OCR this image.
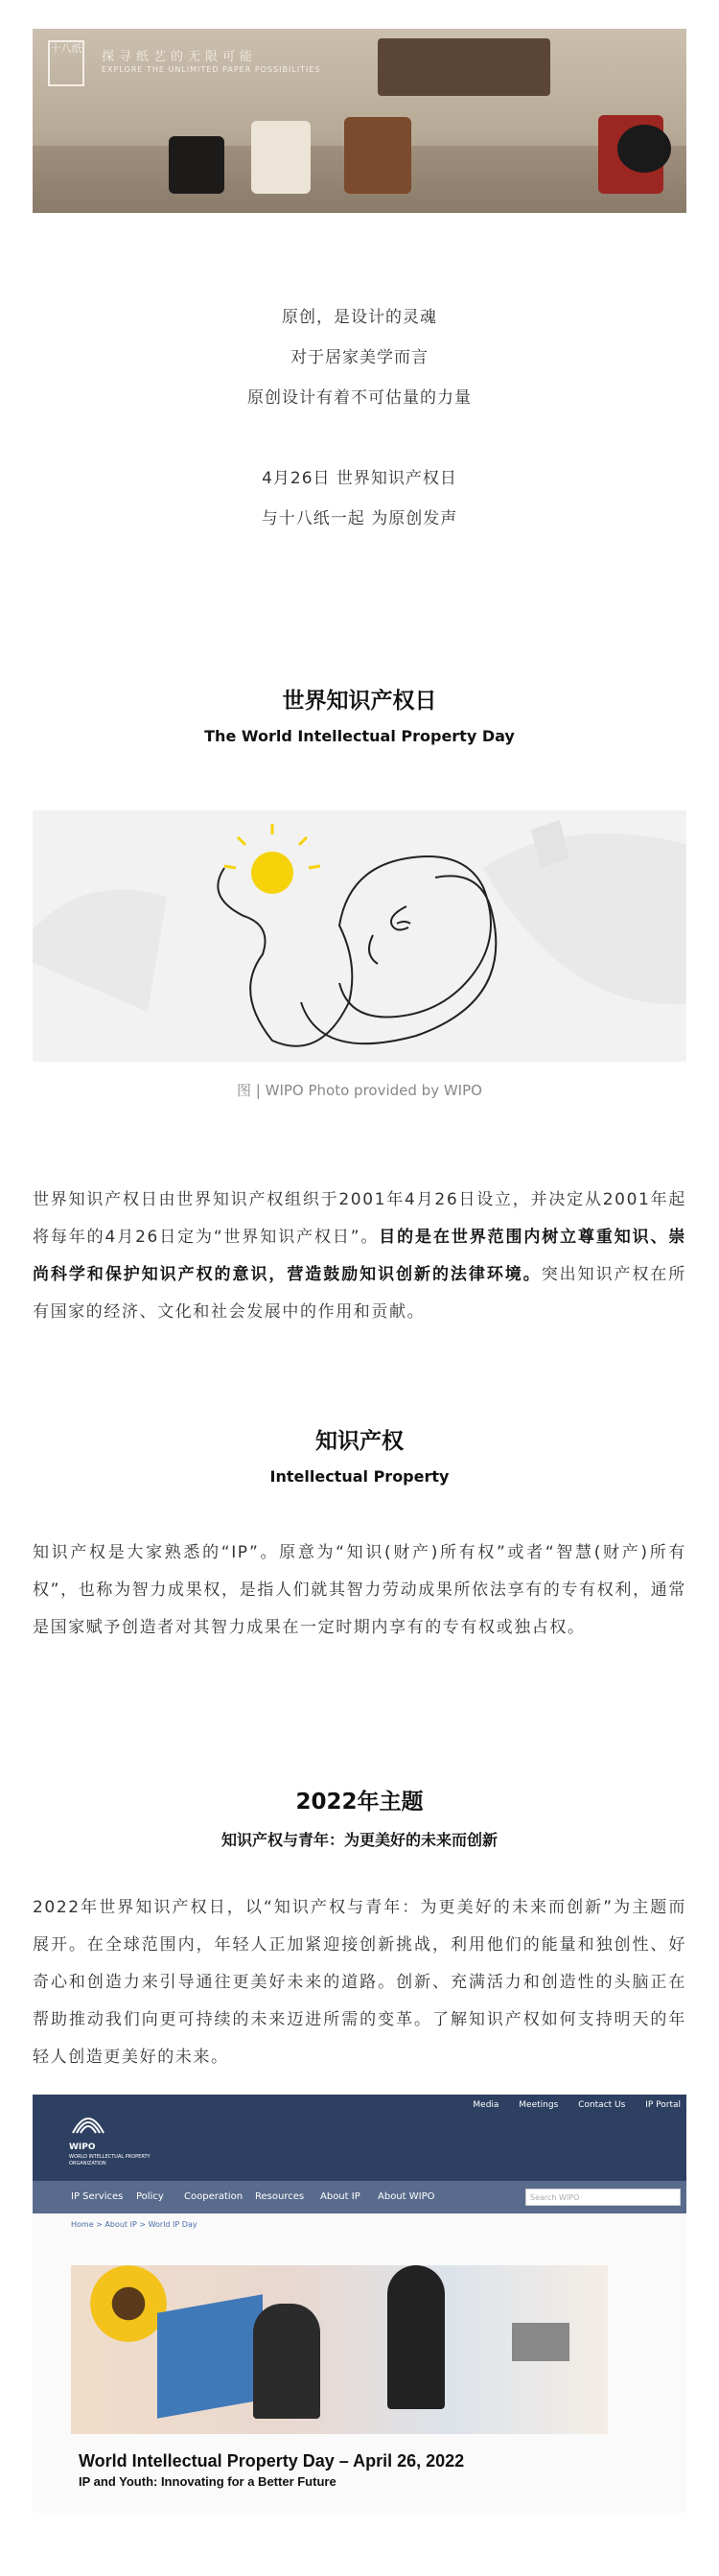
十八纸
探寻纸艺的无限可能
EXPLORE THE UNLIMITED PAPER POSSIBILITIES
原创，是设计的灵魂
对于居家美学而言
原创设计有着不可估量的力量
4月26日 世界知识产权日
与十八纸一起 为原创发声
世界知识产权日
The World Intellectual Property Day
图 | WIPO Photo provided by WIPO
世界知识产权日由世界知识产权组织于2001年4月26日设立，并决定从2001年起将每年的4月26日定为“世界知识产权日”。目的是在世界范围内树立尊重知识、崇尚科学和保护知识产权的意识，营造鼓励知识创新的法律环境。突出知识产权在所有国家的经济、文化和社会发展中的作用和贡献。
知识产权
Intellectual Property
知识产权是大家熟悉的“IP”。原意为“知识(财产)所有权”或者“智慧(财产)所有权”，也称为智力成果权，是指人们就其智力劳动成果所依法享有的专有权利，通常是国家赋予创造者对其智力成果在一定时期内享有的专有权或独占权。
2022年主题
知识产权与青年：为更美好的未来而创新
2022年世界知识产权日，以“知识产权与青年：为更美好的未来而创新”为主题而展开。在全球范围内，年轻人正加紧迎接创新挑战，利用他们的能量和独创性、好奇心和创造力来引导通往更美好未来的道路。创新、充满活力和创造性的头脑正在帮助推动我们向更可持续的未来迈进所需的变革。了解知识产权如何支持明天的年轻人创造更美好的未来。
WIPO
WORLD INTELLECTUAL PROPERTY ORGANIZATION
Media Meetings Contact Us IP Portal
IP Services Policy Cooperation Resources About IP About WIPO	Search WIPO
Home > About IP > World IP Day
World Intellectual Property Day – April 26, 2022
IP and Youth: Innovating for a Better Future
